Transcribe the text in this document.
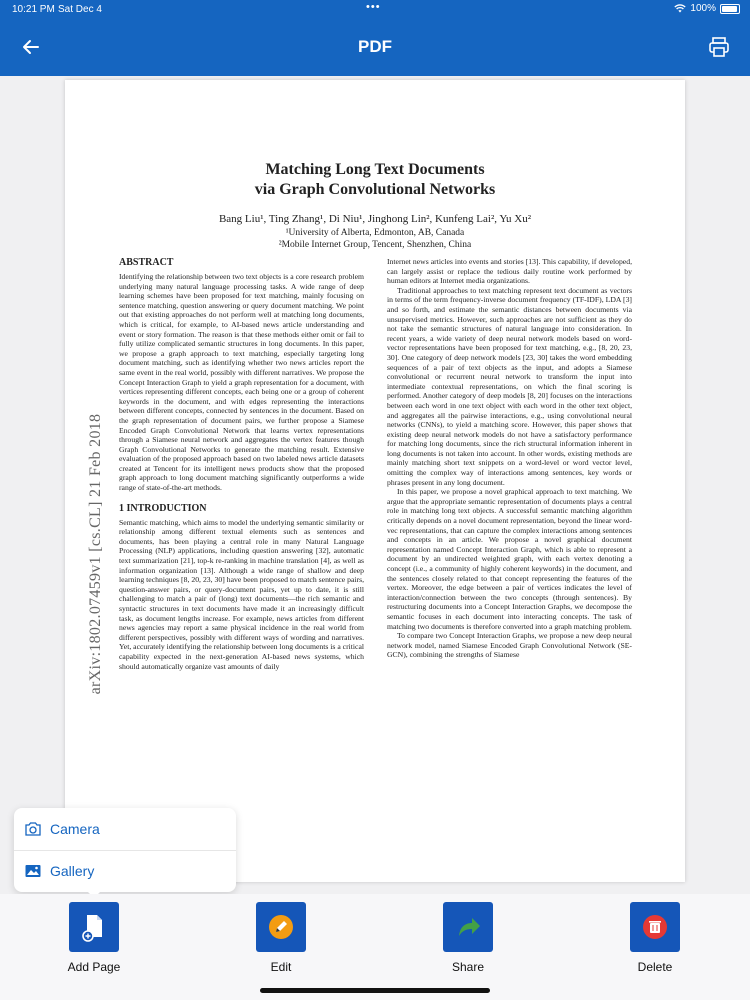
10:21 PM Sat Dec 4	•••	100%
PDF
Matching Long Text Documents
via Graph Convolutional Networks
Bang Liu¹, Ting Zhang¹, Di Niu¹, Jinghong Lin², Kunfeng Lai², Yu Xu²
¹University of Alberta, Edmonton, AB, Canada
²Mobile Internet Group, Tencent, Shenzhen, China
arXiv:1802.07459v1 [cs.CL] 21 Feb 2018
ABSTRACT

Identifying the relationship between two text objects is a core research problem underlying many natural language processing tasks. A wide range of deep learning schemes have been proposed for text matching, mainly focusing on sentence matching, question answering or query document matching. We point out that existing approaches do not perform well at matching long documents, which is critical, for example, to AI-based news article understanding and event or story formation. The reason is that these methods either omit or fail to fully utilize complicated semantic structures in long documents. In this paper, we propose a graph approach to text matching, especially targeting long document matching, such as identifying whether two news articles report the same event in the real world, possibly with different narratives. We propose the Concept Interaction Graph to yield a graph representation for a document, with vertices representing different concepts, each being one or a group of coherent keywords in the document, and with edges representing the interactions between different concepts, connected by sentences in the document. Based on the graph representation of document pairs, we further propose a Siamese Encoded Graph Convolutional Network that learns vertex representations through a Siamese neural network and aggregates the vertex features though Graph Convolutional Networks to generate the matching result. Extensive evaluation of the proposed approach based on two labeled news article datasets created at Tencent for its intelligent news products show that the proposed graph approach to long document matching significantly outperforms a wide range of state-of-the-art methods.

1 INTRODUCTION

Semantic matching, which aims to model the underlying semantic similarity or relationship among different textual elements such as sentences and documents, has been playing a central role in many Natural Language Processing (NLP) applications, including question answering [32], automatic text summarization [21], top-k re-ranking in machine translation [4], as well as information organization [13]. Although a wide range of shallow and deep learning techniques [8, 20, 23, 30] have been proposed to match sentence pairs, question-answer pairs, or query-document pairs, yet up to date, it is still challenging to match a pair of (long) text documents—the rich semantic and syntactic structures in text documents have made it an increasingly difficult task, as document lengths increase. For example, news articles from different news agencies may report a same physical incidence in the real world from different perspectives, possibly with different ways of wording and narratives. Yet, accurately identifying the relationship between long documents is a critical capability expected in the next-generation AI-based news systems, which should automatically organize vast amounts of daily

Internet news articles into events and stories [13]. This capability, if developed, can largely assist or replace the tedious daily routine work performed by human editors at Internet media organizations.

Traditional approaches to text matching represent text document as vectors in terms of the term frequency-inverse document frequency (TF-IDF), LDA [3] and so forth, and estimate the semantic distances between documents via unsupervised metrics. However, such approaches are not sufficient as they do not take the semantic structures of natural language into consideration. In recent years, a wide variety of deep neural network models based on word-vector representations have been proposed for text matching, e.g., [8, 20, 23, 30]. One category of deep network models [23, 30] takes the word embedding sequences of a pair of text objects as the input, and adopts a Siamese convolutional or recurrent neural network to transform the input into intermediate contextual representations, on which the final scoring is performed. Another category of deep models [8, 20] focuses on the interactions between each word in one text object with each word in the other text object, and aggregates all the pairwise interactions, e.g., using convolutional neural networks (CNNs), to yield a matching score. However, this paper shows that existing deep neural network models do not have a satisfactory performance for matching long documents, since the rich structural information inherent in long documents is not taken into account. In other words, existing methods are mainly matching short text snippets on a word-level or word vector level, omitting the complex way of interactions among sentences, key words or phrases present in any long document.

In this paper, we propose a novel graphical approach to text matching. We argue that the appropriate semantic representation of documents plays a central role in matching long text objects. A successful semantic matching algorithm critically depends on a novel document representation, beyond the linear word-vec representations, that can capture the complex interactions among sentences and concepts in an article. We propose a novel graphical document representation named Concept Interaction Graph, which is able to represent a document by an undirected weighted graph, with each vertex denoting a concept (i.e., a community of highly coherent keywords) in the document, and the sentences closely related to that concept representing the features of the vertex. Moreover, the edge between a pair of vertices indicates the level of interaction/connection between the two concepts (through sentences). By restructuring documents into a Concept Interaction Graphs, we decompose the semantic focuses in each document into interacting concepts. The task of matching two documents is therefore converted into a graph matching problem.

To compare two Concept Interaction Graphs, we propose a new deep neural network model, named Siamese Encoded Graph Convolutional Network (SE-GCN), combining the strengths of Siamese

Camera
Gallery
Add Page	Edit	Share	Delete
